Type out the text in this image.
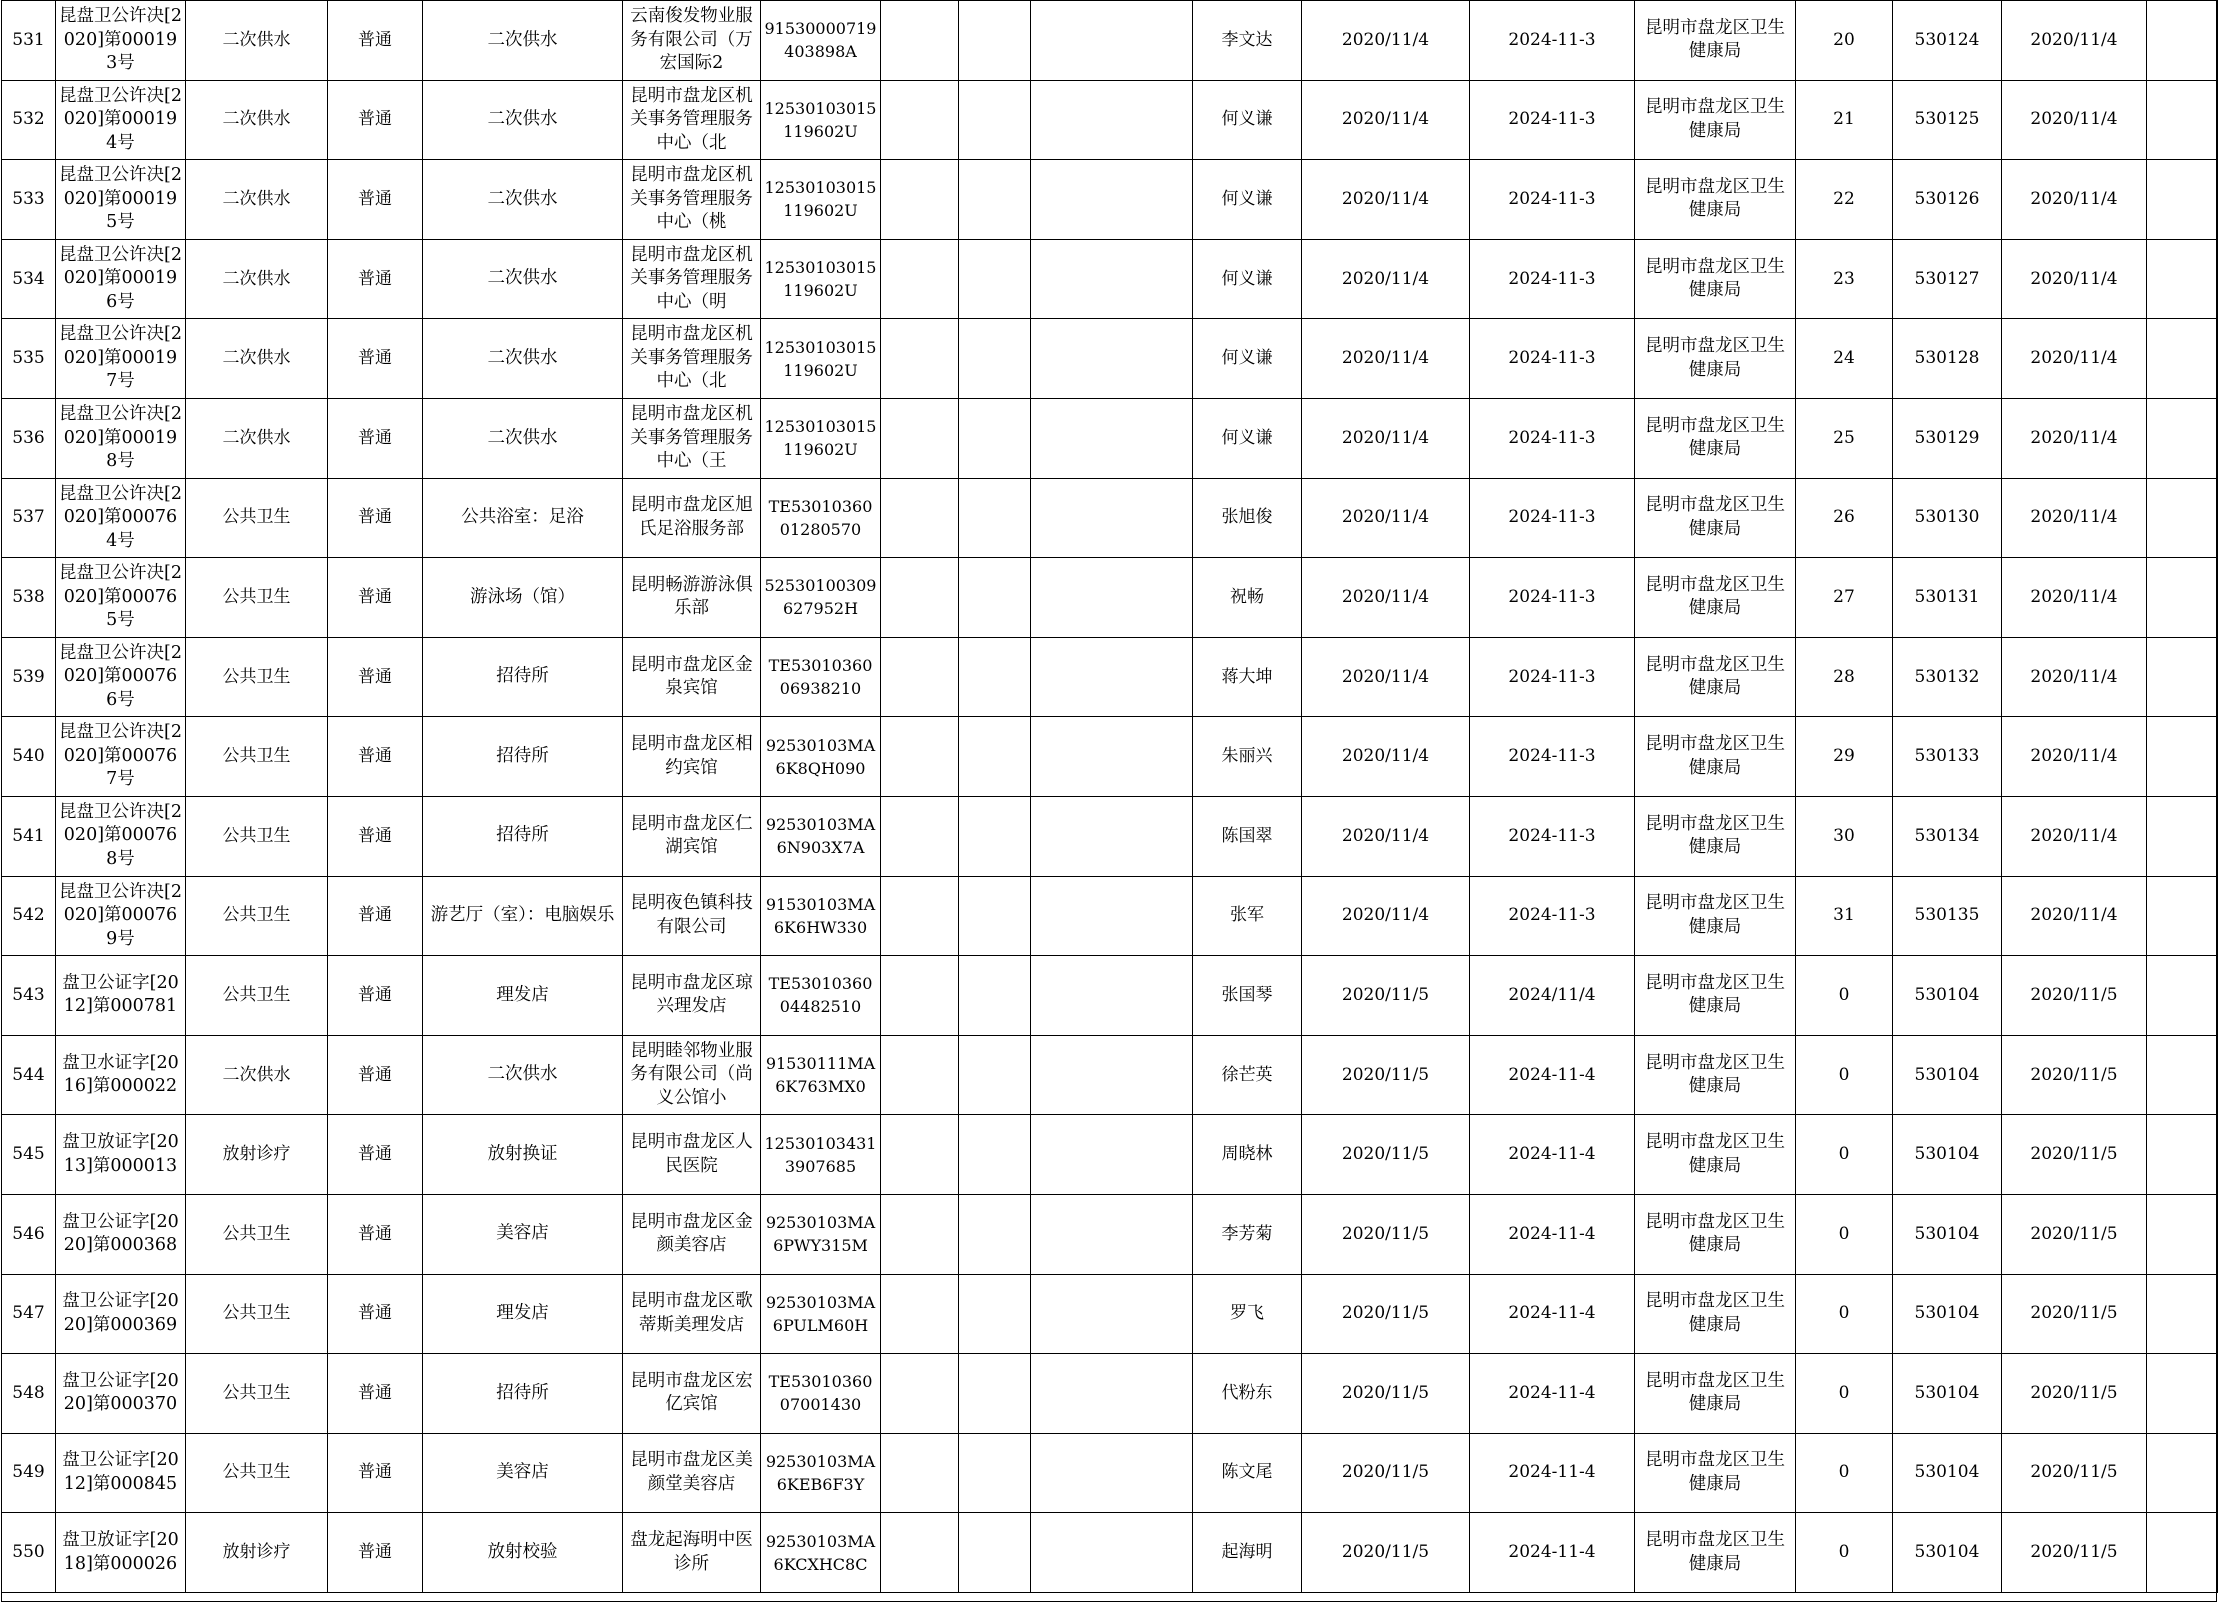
531	昆盘卫公许决[2020]第000193号	二次供水	普通	二次供水	云南俊发物业服务有限公司（万宏国际2	91530000719403898A				李文达	2020/11/4	2024-11-3	昆明市盘龙区卫生健康局	20	530124	2020/11/4	

532	昆盘卫公许决[2020]第000194号	二次供水	普通	二次供水	昆明市盘龙区机关事务管理服务中心（北	12530103015119602U				何义谦	2020/11/4	2024-11-3	昆明市盘龙区卫生健康局	21	530125	2020/11/4	

533	昆盘卫公许决[2020]第000195号	二次供水	普通	二次供水	昆明市盘龙区机关事务管理服务中心（桃	12530103015119602U				何义谦	2020/11/4	2024-11-3	昆明市盘龙区卫生健康局	22	530126	2020/11/4	

534	昆盘卫公许决[2020]第000196号	二次供水	普通	二次供水	昆明市盘龙区机关事务管理服务中心（明	12530103015119602U				何义谦	2020/11/4	2024-11-3	昆明市盘龙区卫生健康局	23	530127	2020/11/4	

535	昆盘卫公许决[2020]第000197号	二次供水	普通	二次供水	昆明市盘龙区机关事务管理服务中心（北	12530103015119602U				何义谦	2020/11/4	2024-11-3	昆明市盘龙区卫生健康局	24	530128	2020/11/4	

536	昆盘卫公许决[2020]第000198号	二次供水	普通	二次供水	昆明市盘龙区机关事务管理服务中心（王	12530103015119602U				何义谦	2020/11/4	2024-11-3	昆明市盘龙区卫生健康局	25	530129	2020/11/4	

537	昆盘卫公许决[2020]第000764号	公共卫生	普通	公共浴室：足浴	昆明市盘龙区旭氏足浴服务部	TE5301036001280570				张旭俊	2020/11/4	2024-11-3	昆明市盘龙区卫生健康局	26	530130	2020/11/4	

538	昆盘卫公许决[2020]第000765号	公共卫生	普通	游泳场（馆）	昆明畅游游泳俱乐部	52530100309627952H				祝畅	2020/11/4	2024-11-3	昆明市盘龙区卫生健康局	27	530131	2020/11/4	

539	昆盘卫公许决[2020]第000766号	公共卫生	普通	招待所	昆明市盘龙区金泉宾馆	TE5301036006938210				蒋大坤	2020/11/4	2024-11-3	昆明市盘龙区卫生健康局	28	530132	2020/11/4	

540	昆盘卫公许决[2020]第000767号	公共卫生	普通	招待所	昆明市盘龙区相约宾馆	92530103MA6K8QH090				朱丽兴	2020/11/4	2024-11-3	昆明市盘龙区卫生健康局	29	530133	2020/11/4	

541	昆盘卫公许决[2020]第000768号	公共卫生	普通	招待所	昆明市盘龙区仁湖宾馆	92530103MA6N903X7A				陈国翠	2020/11/4	2024-11-3	昆明市盘龙区卫生健康局	30	530134	2020/11/4	

542	昆盘卫公许决[2020]第000769号	公共卫生	普通	游艺厅（室）：电脑娱乐	昆明夜色镇科技有限公司	91530103MA6K6HW330				张军	2020/11/4	2024-11-3	昆明市盘龙区卫生健康局	31	530135	2020/11/4	

543	盘卫公证字[2012]第000781	公共卫生	普通	理发店	昆明市盘龙区琼兴理发店	TE5301036004482510				张国琴	2020/11/5	2024/11/4	昆明市盘龙区卫生健康局	0	530104	2020/11/5	

544	盘卫水证字[2016]第000022	二次供水	普通	二次供水	昆明睦邻物业服务有限公司（尚义公馆小	91530111MA6K763MX0				徐芒英	2020/11/5	2024-11-4	昆明市盘龙区卫生健康局	0	530104	2020/11/5	

545	盘卫放证字[2013]第000013	放射诊疗	普通	放射换证	昆明市盘龙区人民医院	125301034313907685				周晓林	2020/11/5	2024-11-4	昆明市盘龙区卫生健康局	0	530104	2020/11/5	

546	盘卫公证字[2020]第000368	公共卫生	普通	美容店	昆明市盘龙区金颜美容店	92530103MA6PWY315M				李芳菊	2020/11/5	2024-11-4	昆明市盘龙区卫生健康局	0	530104	2020/11/5	

547	盘卫公证字[2020]第000369	公共卫生	普通	理发店	昆明市盘龙区歌蒂斯美理发店	92530103MA6PULM60H				罗飞	2020/11/5	2024-11-4	昆明市盘龙区卫生健康局	0	530104	2020/11/5	

548	盘卫公证字[2020]第000370	公共卫生	普通	招待所	昆明市盘龙区宏亿宾馆	TE5301036007001430				代粉东	2020/11/5	2024-11-4	昆明市盘龙区卫生健康局	0	530104	2020/11/5	

549	盘卫公证字[2012]第000845	公共卫生	普通	美容店	昆明市盘龙区美颜堂美容店	92530103MA6KEB6F3Y				陈文尾	2020/11/5	2024-11-4	昆明市盘龙区卫生健康局	0	530104	2020/11/5	

550	盘卫放证字[2018]第000026	放射诊疗	普通	放射校验	盘龙起海明中医诊所	92530103MA6KCXHC8C				起海明	2020/11/5	2024-11-4	昆明市盘龙区卫生健康局	0	530104	2020/11/5	
